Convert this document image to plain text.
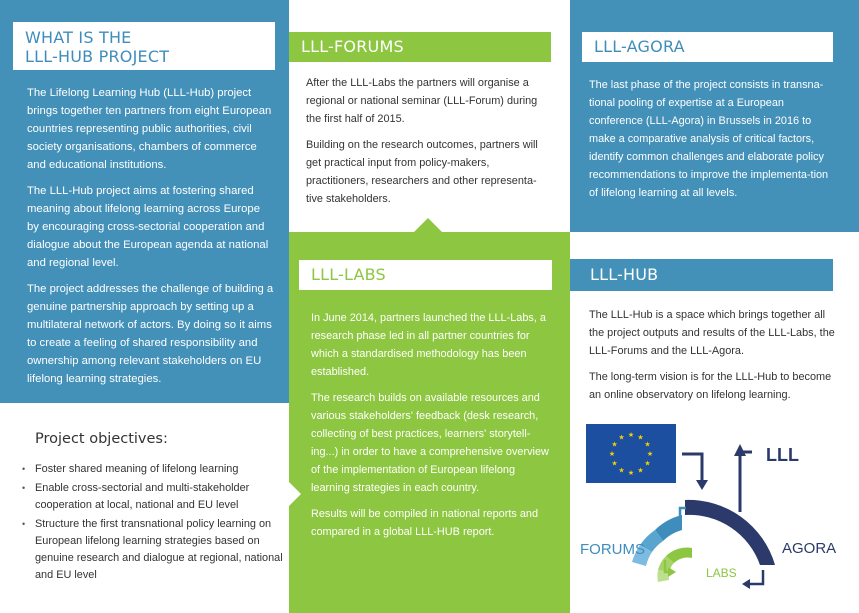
WHAT IS THE
LLL-HUB PROJECT

The Lifelong Learning Hub (LLL-Hub) project brings together ten partners from eight European countries representing public authorities, civil society organisations, chambers of commerce and educational institutions.

The LLL-Hub project aims at fostering shared meaning about lifelong learning across Europe by encouraging cross-sectorial cooperation and dialogue about the European agenda at national and regional level.

The project addresses the challenge of building a genuine partnership approach by setting up a multilateral network of actors. By doing so it aims to create a feeling of shared responsibility and ownership among relevant stakeholders on EU lifelong learning strategies.

Project objectives:
• Foster shared meaning of lifelong learning
• Enable cross-sectorial and multi-stakeholder cooperation at local, national and EU level
• Structure the first transnational policy learning on European lifelong learning strategies based on genuine research and dialogue at regional, national and EU level
LLL-FORUMS

After the LLL-Labs the partners will organise a regional or national seminar (LLL-Forum) during the first half of 2015.

Building on the research outcomes, partners will get practical input from policy-makers, practitioners, researchers and other representa-tive stakeholders.

LLL-AGORA

The last phase of the project consists in transna-tional pooling of expertise at a European conference (LLL-Agora) in Brussels in 2016 to make a comparative analysis of critical factors, identify common challenges and elaborate policy recommendations to improve the implementa-tion of lifelong learning at all levels.

LLL-LABS

In June 2014, partners launched the LLL-Labs, a research phase led in all partner countries for which a standardised methodology has been established.

The research builds on available resources and various stakeholders' feedback (desk research, collecting of best practices, learners' storytell-ing...) in order to have a comprehensive overview of the implementation of European lifelong learning strategies in each country.

Results will be compiled in national reports and compared in a global LLL-HUB report.

LLL-HUB

The LLL-Hub is a space which brings together all the project outputs and results of the LLL-Labs, the LLL-Forums and the LLL-Agora.

The long-term vision is for the LLL-Hub to become an online observatory on lifelong learning.

★ ★
★
★
★
★
★
★
★
★
★
★
LLL
FORUMS	AGORA
LABS
